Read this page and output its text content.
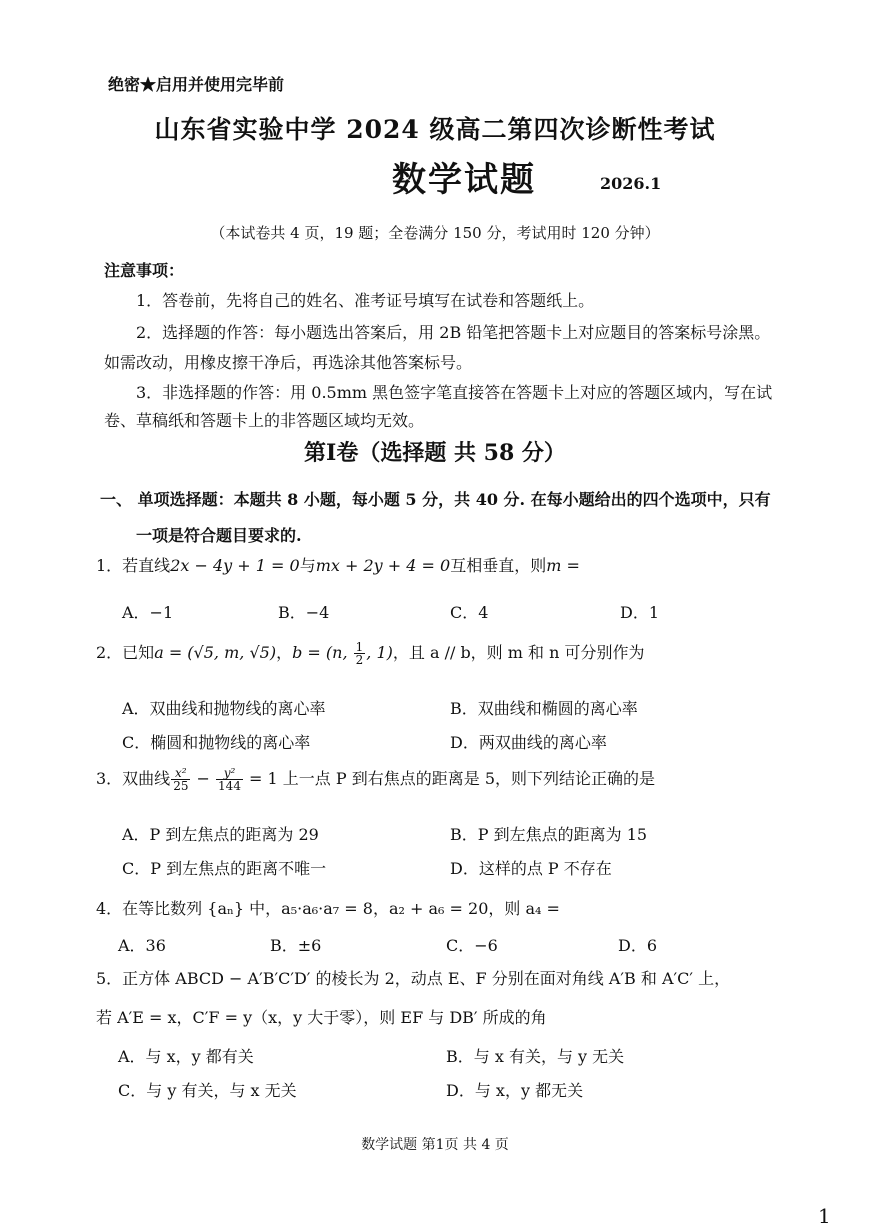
绝密★启用并使用完毕前
山东省实验中学 2024 级高二第四次诊断性考试
数学试题	2026.1
（本试卷共 4 页，19 题；全卷满分 150 分，考试用时 120 分钟）
注意事项：
1．答卷前，先将自己的姓名、准考证号填写在试卷和答题纸上。
2．选择题的作答：每小题选出答案后，用 2B 铅笔把答题卡上对应题目的答案标号涂黑。
如需改动，用橡皮擦干净后，再选涂其他答案标号。
3．非选择题的作答：用 0.5mm 黑色签字笔直接答在答题卡上对应的答题区域内，写在试
卷、草稿纸和答题卡上的非答题区域均无效。
第Ⅰ卷（选择题 共 58 分）
一、 单项选择题：本题共 8 小题，每小题 5 分，共 40 分. 在每小题给出的四个选项中，只有
一项是符合题目要求的.
1．若直线2x − 4y + 1 = 0与mx + 2y + 4 = 0互相垂直，则m =
A．−1	B．−4	C．4	D．1
2．已知a = (√5, m, √5)，b = (n, $\frac{1}{2}$ , 1)，且 a // b，则 m 和 n 可分别作为
A．双曲线和抛物线的离心率	B．双曲线和椭圆的离心率
C．椭圆和抛物线的离心率	D．两双曲线的离心率
3．双曲线 $\frac{\text{x²}}{25} - \frac{\text{y²}}{144} = 1$ 上一点 P 到右焦点的距离是 5，则下列结论正确的是
A．P 到左焦点的距离为 29	B．P 到左焦点的距离为 15
C．P 到左焦点的距离不唯一	D．这样的点 P 不存在
4．在等比数列 {aₙ} 中，a₅·a₆·a₇ = 8，a₂ + a₆ = 20，则 a₄ =
A．36	B．±6	C．−6	D．6
5．正方体 ABCD − A′B′C′D′ 的棱长为 2，动点 E、F 分别在面对角线 A′B 和 A′C′ 上，
若 A′E = x，C′F = y（x，y 大于零），则 EF 与 DB′ 所成的角
A．与 x，y 都有关	B．与 x 有关，与 y 无关
C．与 y 有关，与 x 无关	D．与 x，y 都无关
数学试题 第1页 共 4 页
1
